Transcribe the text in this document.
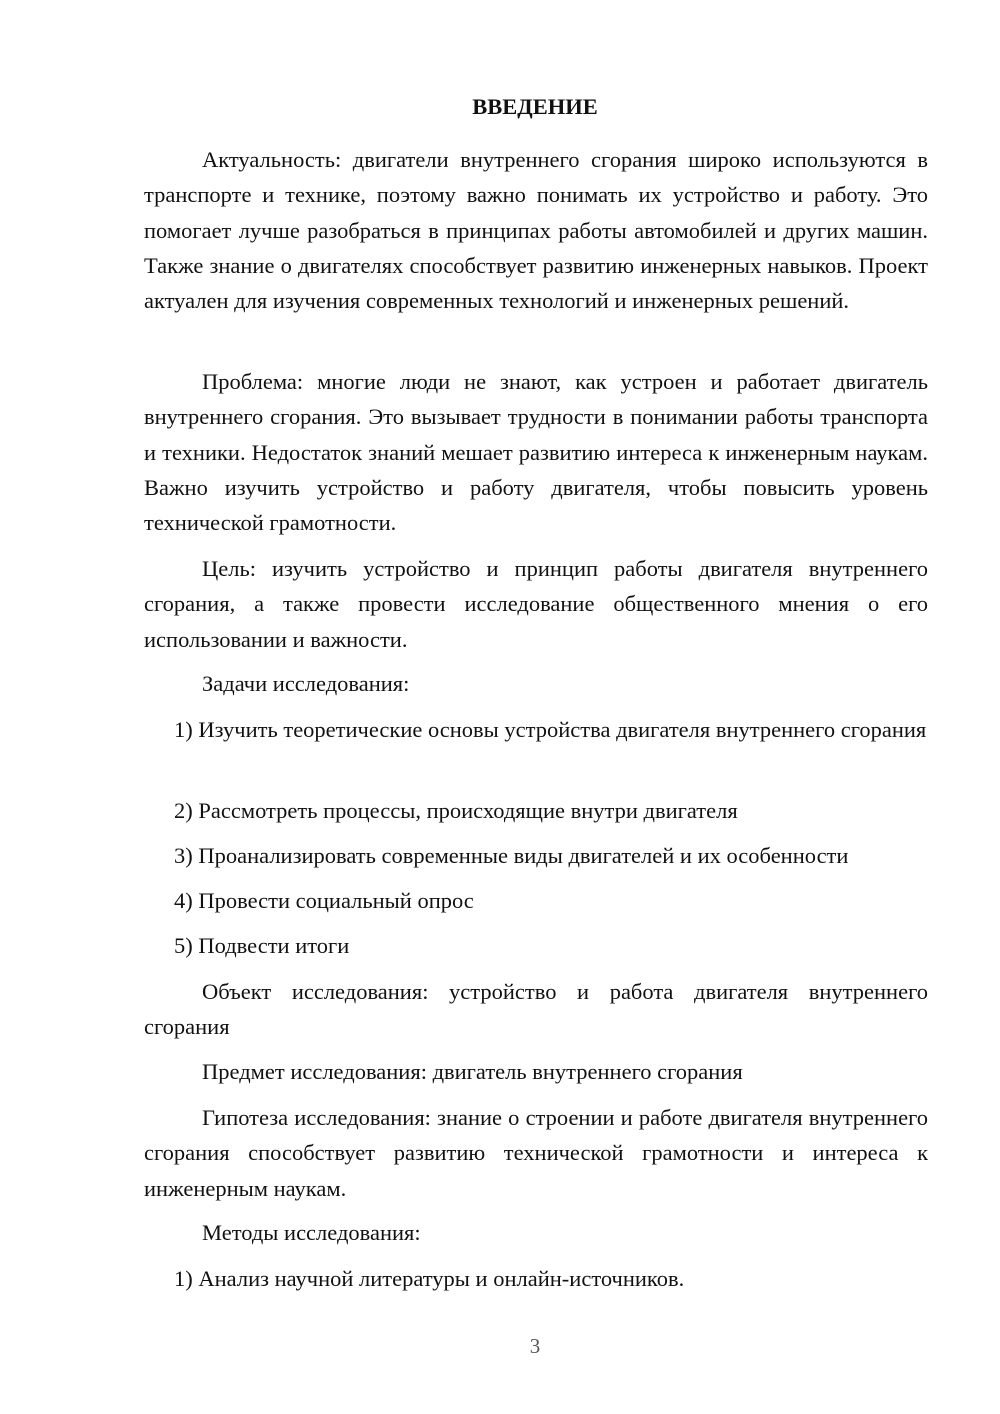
ВВЕДЕНИЕ

Актуальность: двигатели внутреннего сгорания широко используются в транспорте и технике, поэтому важно понимать их устройство и работу. Это помогает лучше разобраться в принципах работы автомобилей и других машин. Также знание о двигателях способствует развитию инженерных навыков. Проект актуален для изучения современных технологий и инженерных решений.

Проблема: многие люди не знают, как устроен и работает двигатель внутреннего сгорания. Это вызывает трудности в понимании работы транспорта и техники. Недостаток знаний мешает развитию интереса к инженерным наукам. Важно изучить устройство и работу двигателя, чтобы повысить уровень технической грамотности.

Цель: изучить устройство и принцип работы двигателя внутреннего сгорания, а также провести исследование общественного мнения о его использовании и важности.

Задачи исследования:

1) Изучить теоретические основы устройства двигателя внутреннего сгорания

2) Рассмотреть процессы, происходящие внутри двигателя

3) Проанализировать современные виды двигателей и их особенности

4) Провести социальный опрос

5) Подвести итоги

Объект исследования: устройство и работа двигателя внутреннего сгорания

Предмет исследования: двигатель внутреннего сгорания

Гипотеза исследования: знание о строении и работе двигателя внутреннего сгорания способствует развитию технической грамотности и интереса к инженерным наукам.

Методы исследования:

1) Анализ научной литературы и онлайн-источников.

3
